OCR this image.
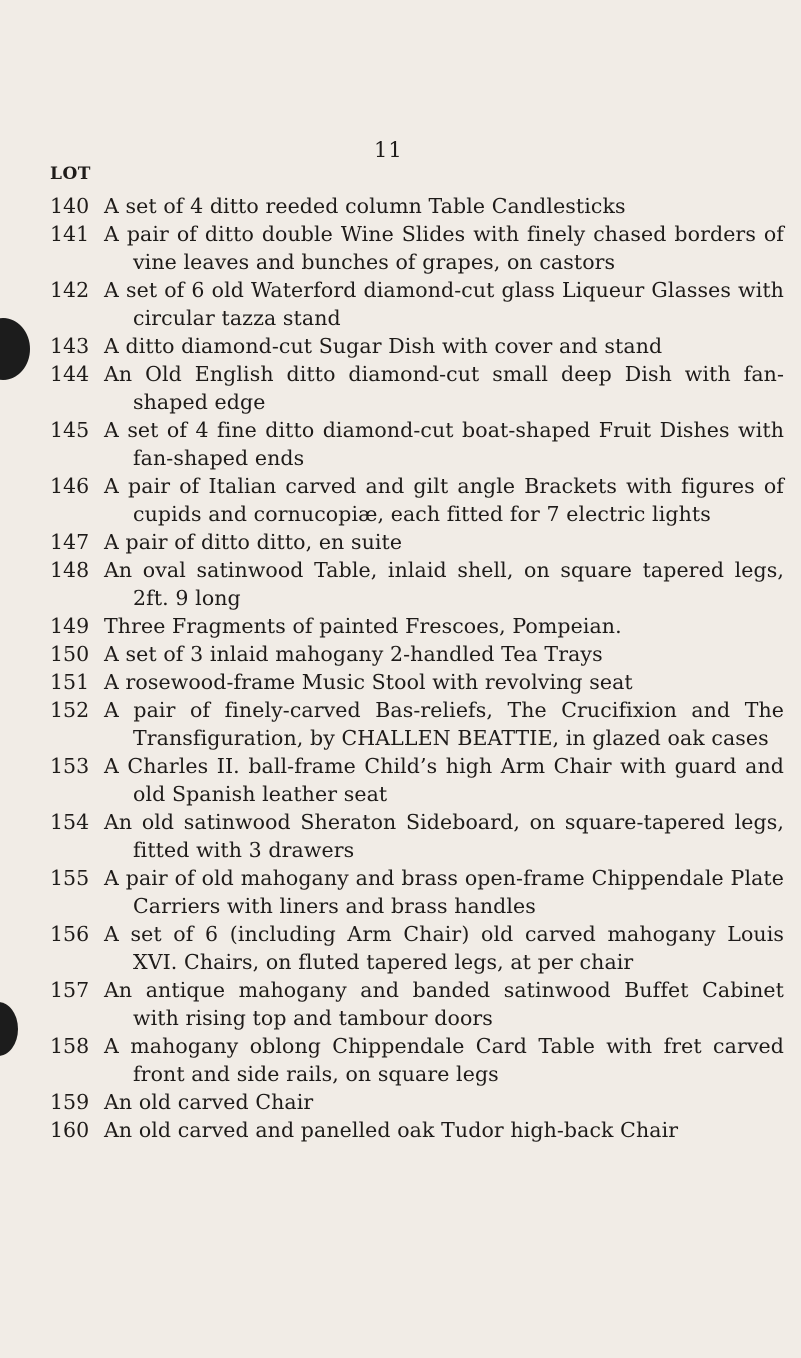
11
LOT
140 A set of 4 ditto reeded column Table Candlesticks
141 A pair of ditto double Wine Slides with finely chased borders of vine leaves and bunches of grapes, on castors
142 A set of 6 old Waterford diamond-cut glass Liqueur Glasses with circular tazza stand
143 A ditto diamond-cut Sugar Dish with cover and stand
144 An Old English ditto diamond-cut small deep Dish with fan-shaped edge
145 A set of 4 fine ditto diamond-cut boat-shaped Fruit Dishes with fan-shaped ends
146 A pair of Italian carved and gilt angle Brackets with figures of cupids and cornucopiæ, each fitted for 7 electric lights
147 A pair of ditto ditto, en suite
148 An oval satinwood Table, inlaid shell, on square tapered legs, 2ft. 9 long
149 Three Fragments of painted Frescoes, Pompeian.
150 A set of 3 inlaid mahogany 2-handled Tea Trays
151 A rosewood-frame Music Stool with revolving seat
152 A pair of finely-carved Bas-reliefs, The Crucifixion and The Transfiguration, by CHALLEN BEATTIE, in glazed oak cases
153 A Charles II. ball-frame Child’s high Arm Chair with guard and old Spanish leather seat
154 An old satinwood Sheraton Sideboard, on square-tapered legs, fitted with 3 drawers
155 A pair of old mahogany and brass open-frame Chippendale Plate Carriers with liners and brass handles
156 A set of 6 (including Arm Chair) old carved mahogany Louis XVI. Chairs, on fluted tapered legs, at per chair
157 An antique mahogany and banded satinwood Buffet Cabinet with rising top and tambour doors
158 A mahogany oblong Chippendale Card Table with fret carved front and side rails, on square legs
159 An old carved Chair
160 An old carved and panelled oak Tudor high-back Chair
